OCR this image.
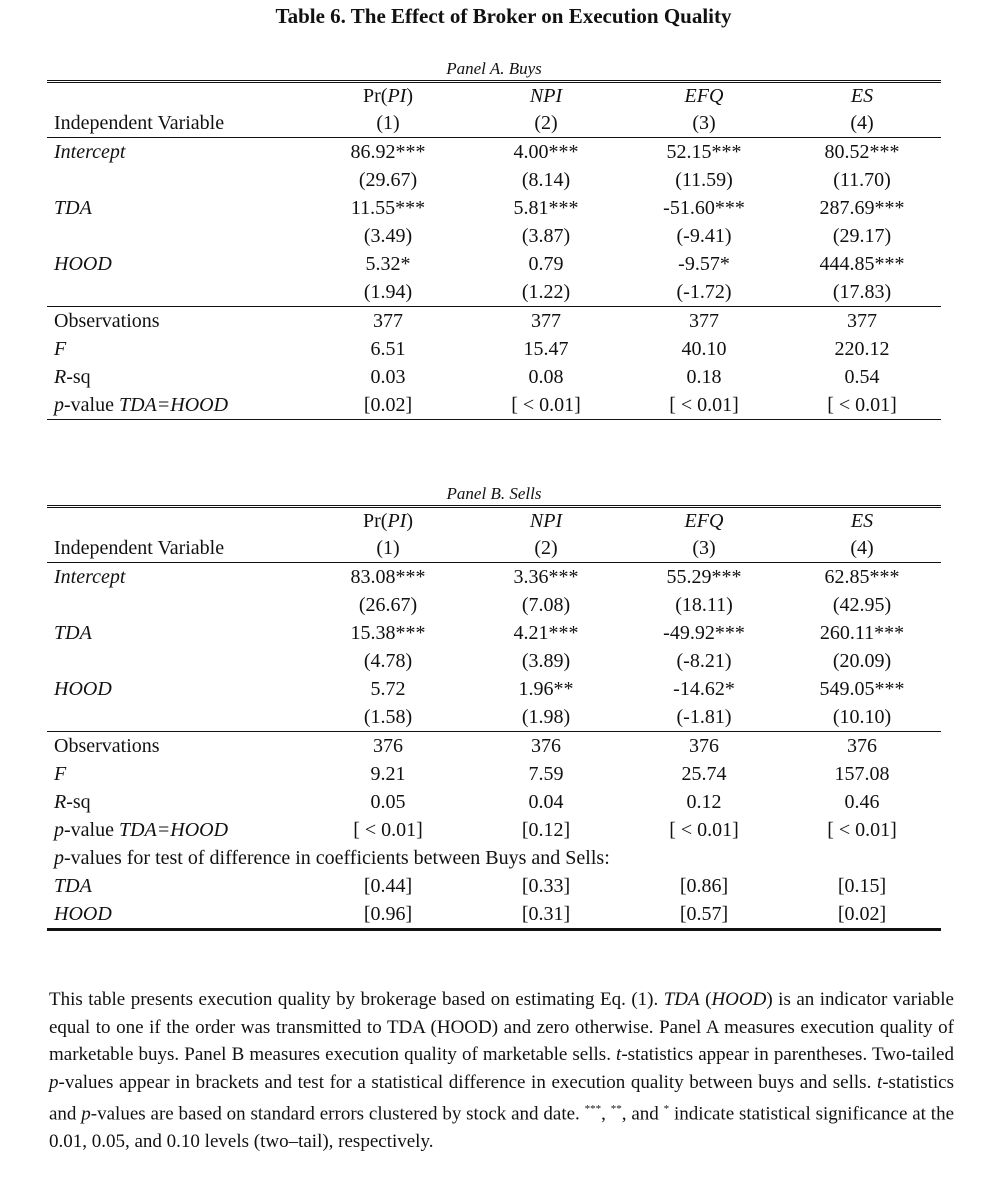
Table 6. The Effect of Broker on Execution Quality
Panel A. Buys
Pr(PI)	NPI	EFQ	ES
Independent Variable	(1)	(2)	(3)	(4)
Intercept	86.92***	4.00***	52.15***	80.52***
(29.67)	(8.14)	(11.59)	(11.70)
TDA	11.55***	5.81***	-51.60***	287.69***
(3.49)	(3.87)	(-9.41)	(29.17)
HOOD	5.32*	0.79	-9.57*	444.85***
(1.94)	(1.22)	(-1.72)	(17.83)
Observations	377	377	377	377
F	6.51	15.47	40.10	220.12
R-sq	0.03	0.08	0.18	0.54
p-value TDA=HOOD	[0.02]	[ < 0.01]	[ < 0.01]	[ < 0.01]
Panel B. Sells
Pr(PI)	NPI	EFQ	ES
Independent Variable	(1)	(2)	(3)	(4)
Intercept	83.08***	3.36***	55.29***	62.85***
(26.67)	(7.08)	(18.11)	(42.95)
TDA	15.38***	4.21***	-49.92***	260.11***
(4.78)	(3.89)	(-8.21)	(20.09)
HOOD	5.72	1.96**	-14.62*	549.05***
(1.58)	(1.98)	(-1.81)	(10.10)
Observations	376	376	376	376
F	9.21	7.59	25.74	157.08
R-sq	0.05	0.04	0.12	0.46
p-value TDA=HOOD	[ < 0.01]	[0.12]	[ < 0.01]	[ < 0.01]
p-values for test of difference in coefficients between Buys and Sells:
TDA	[0.44]	[0.33]	[0.86]	[0.15]
HOOD	[0.96]	[0.31]	[0.57]	[0.02]
This table presents execution quality by brokerage based on estimating Eq. (1). TDA (HOOD) is an indicator variable equal to one if the order was transmitted to TDA (HOOD) and zero otherwise. Panel A measures execution quality of marketable buys. Panel B measures execution quality of marketable sells. t-statistics appear in parentheses. Two-tailed p-values appear in brackets and test for a statistical difference in execution quality between buys and sells. t-statistics and p-values are based on standard errors clustered by stock and date. ***, **, and * indicate statistical significance at the 0.01, 0.05, and 0.10 levels (two–tail), respectively.
